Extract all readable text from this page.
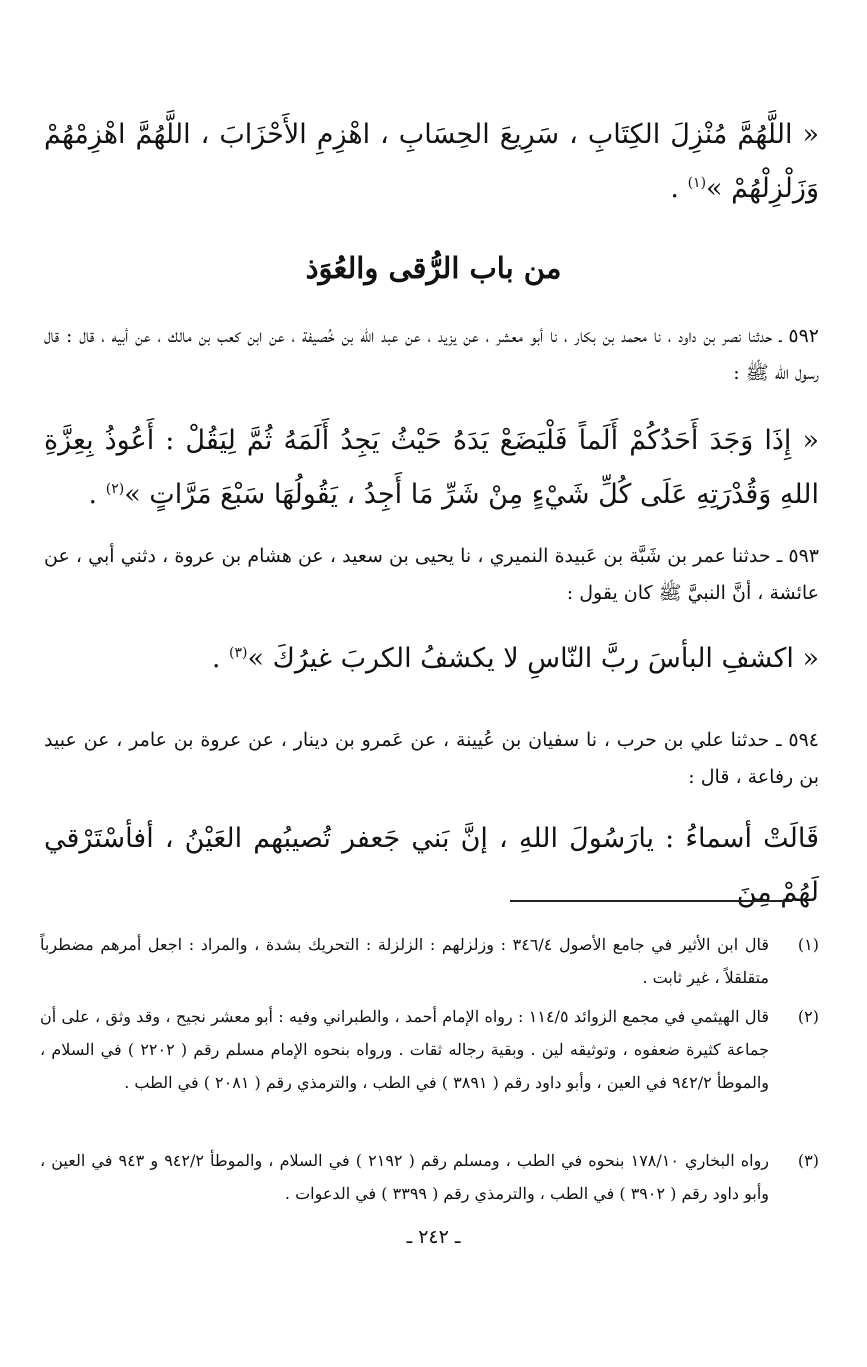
« اللَّهُمَّ مُنْزِلَ الكِتَابِ ، سَرِيعَ الحِسَابِ ، اهْزِمِ الأَحْزَابَ ، اللَّهُمَّ اهْزِمْهُمْ وَزَلْزِلْهُمْ »$^{(١)}$ .

من باب الرُّقى والعُوَذ

٥٩٢ ـ حدثنا نصر بن داود ، نا محمد بن بكار ، نا أبو معشر ، عن يزيد ، عن عبد الله بن خُصيفة ، عن ابن كعب بن مالك ، عن أبيه ، قال : قال رسول الله ﷺ :

« إِذَا وَجَدَ أَحَدُكُمْ أَلَماً فَلْيَضَعْ يَدَهُ حَيْثُ يَجِدُ أَلَمَهُ ثُمَّ لِيَقُلْ : أَعُوذُ بِعِزَّةِ اللهِ وَقُدْرَتِهِ عَلَى كُلِّ شَيْءٍ مِنْ شَرِّ مَا أَجِدُ ، يَقُولُهَا سَبْعَ مَرَّاتٍ »$^{(٢)}$ .

٥٩٣ ـ حدثنا عمر بن شَبَّة بن عَبيدة النميري ، نا يحيى بن سعيد ، عن هشام بن عروة ، دثني أبي ، عن عائشة ، أنَّ النبيَّ ﷺ كان يقول :

« اكشفِ البأسَ ربَّ النّاسِ لا يكشفُ الكربَ غيرُكَ »$^{(٣)}$ .

٥٩٤ ـ حدثنا علي بن حرب ، نا سفيان بن عُيينة ، عن عَمرو بن دينار ، عن عروة بن عامر ، عن عبيد بن رفاعة ، قال :

قَالَتْ أسماءُ : يارَسُولَ اللهِ ، إنَّ بَني جَعفر تُصيبُهم العَيْنُ ، أفأسْتَرْقي لَهُمْ مِنَ

(١)
قال ابن الأثير في جامع الأصول ٣٤٦/٤ : وزلزلهم : الزلزلة : التحريك بشدة ، والمراد : اجعل أمرهم مضطرباً متقلقلاً ، غير ثابت .
(٢)
قال الهيثمي في مجمع الزوائد ١١٤/٥ : رواه الإمام أحمد ، والطبراني وفيه : أبو معشر نجيح ، وقد وثق ، على أن جماعة كثيرة ضعفوه ، وتوثيقه لين . وبقية رجاله ثقات . ورواه بنحوه الإمام مسلم رقم ( ٢٢٠٢ ) في السلام ، والموطأ ٩٤٢/٢ في العين ، وأبو داود رقم ( ٣٨٩١ ) في الطب ، والترمذي رقم ( ٢٠٨١ ) في الطب .
(٣)
رواه البخاري ١٧٨/١٠ بنحوه في الطب ، ومسلم رقم ( ٢١٩٢ ) في السلام ، والموطأ ٩٤٢/٢ و ٩٤٣ في العين ، وأبو داود رقم ( ٣٩٠٢ ) في الطب ، والترمذي رقم ( ٣٣٩٩ ) في الدعوات .
ـ ٢٤٢ ـ
